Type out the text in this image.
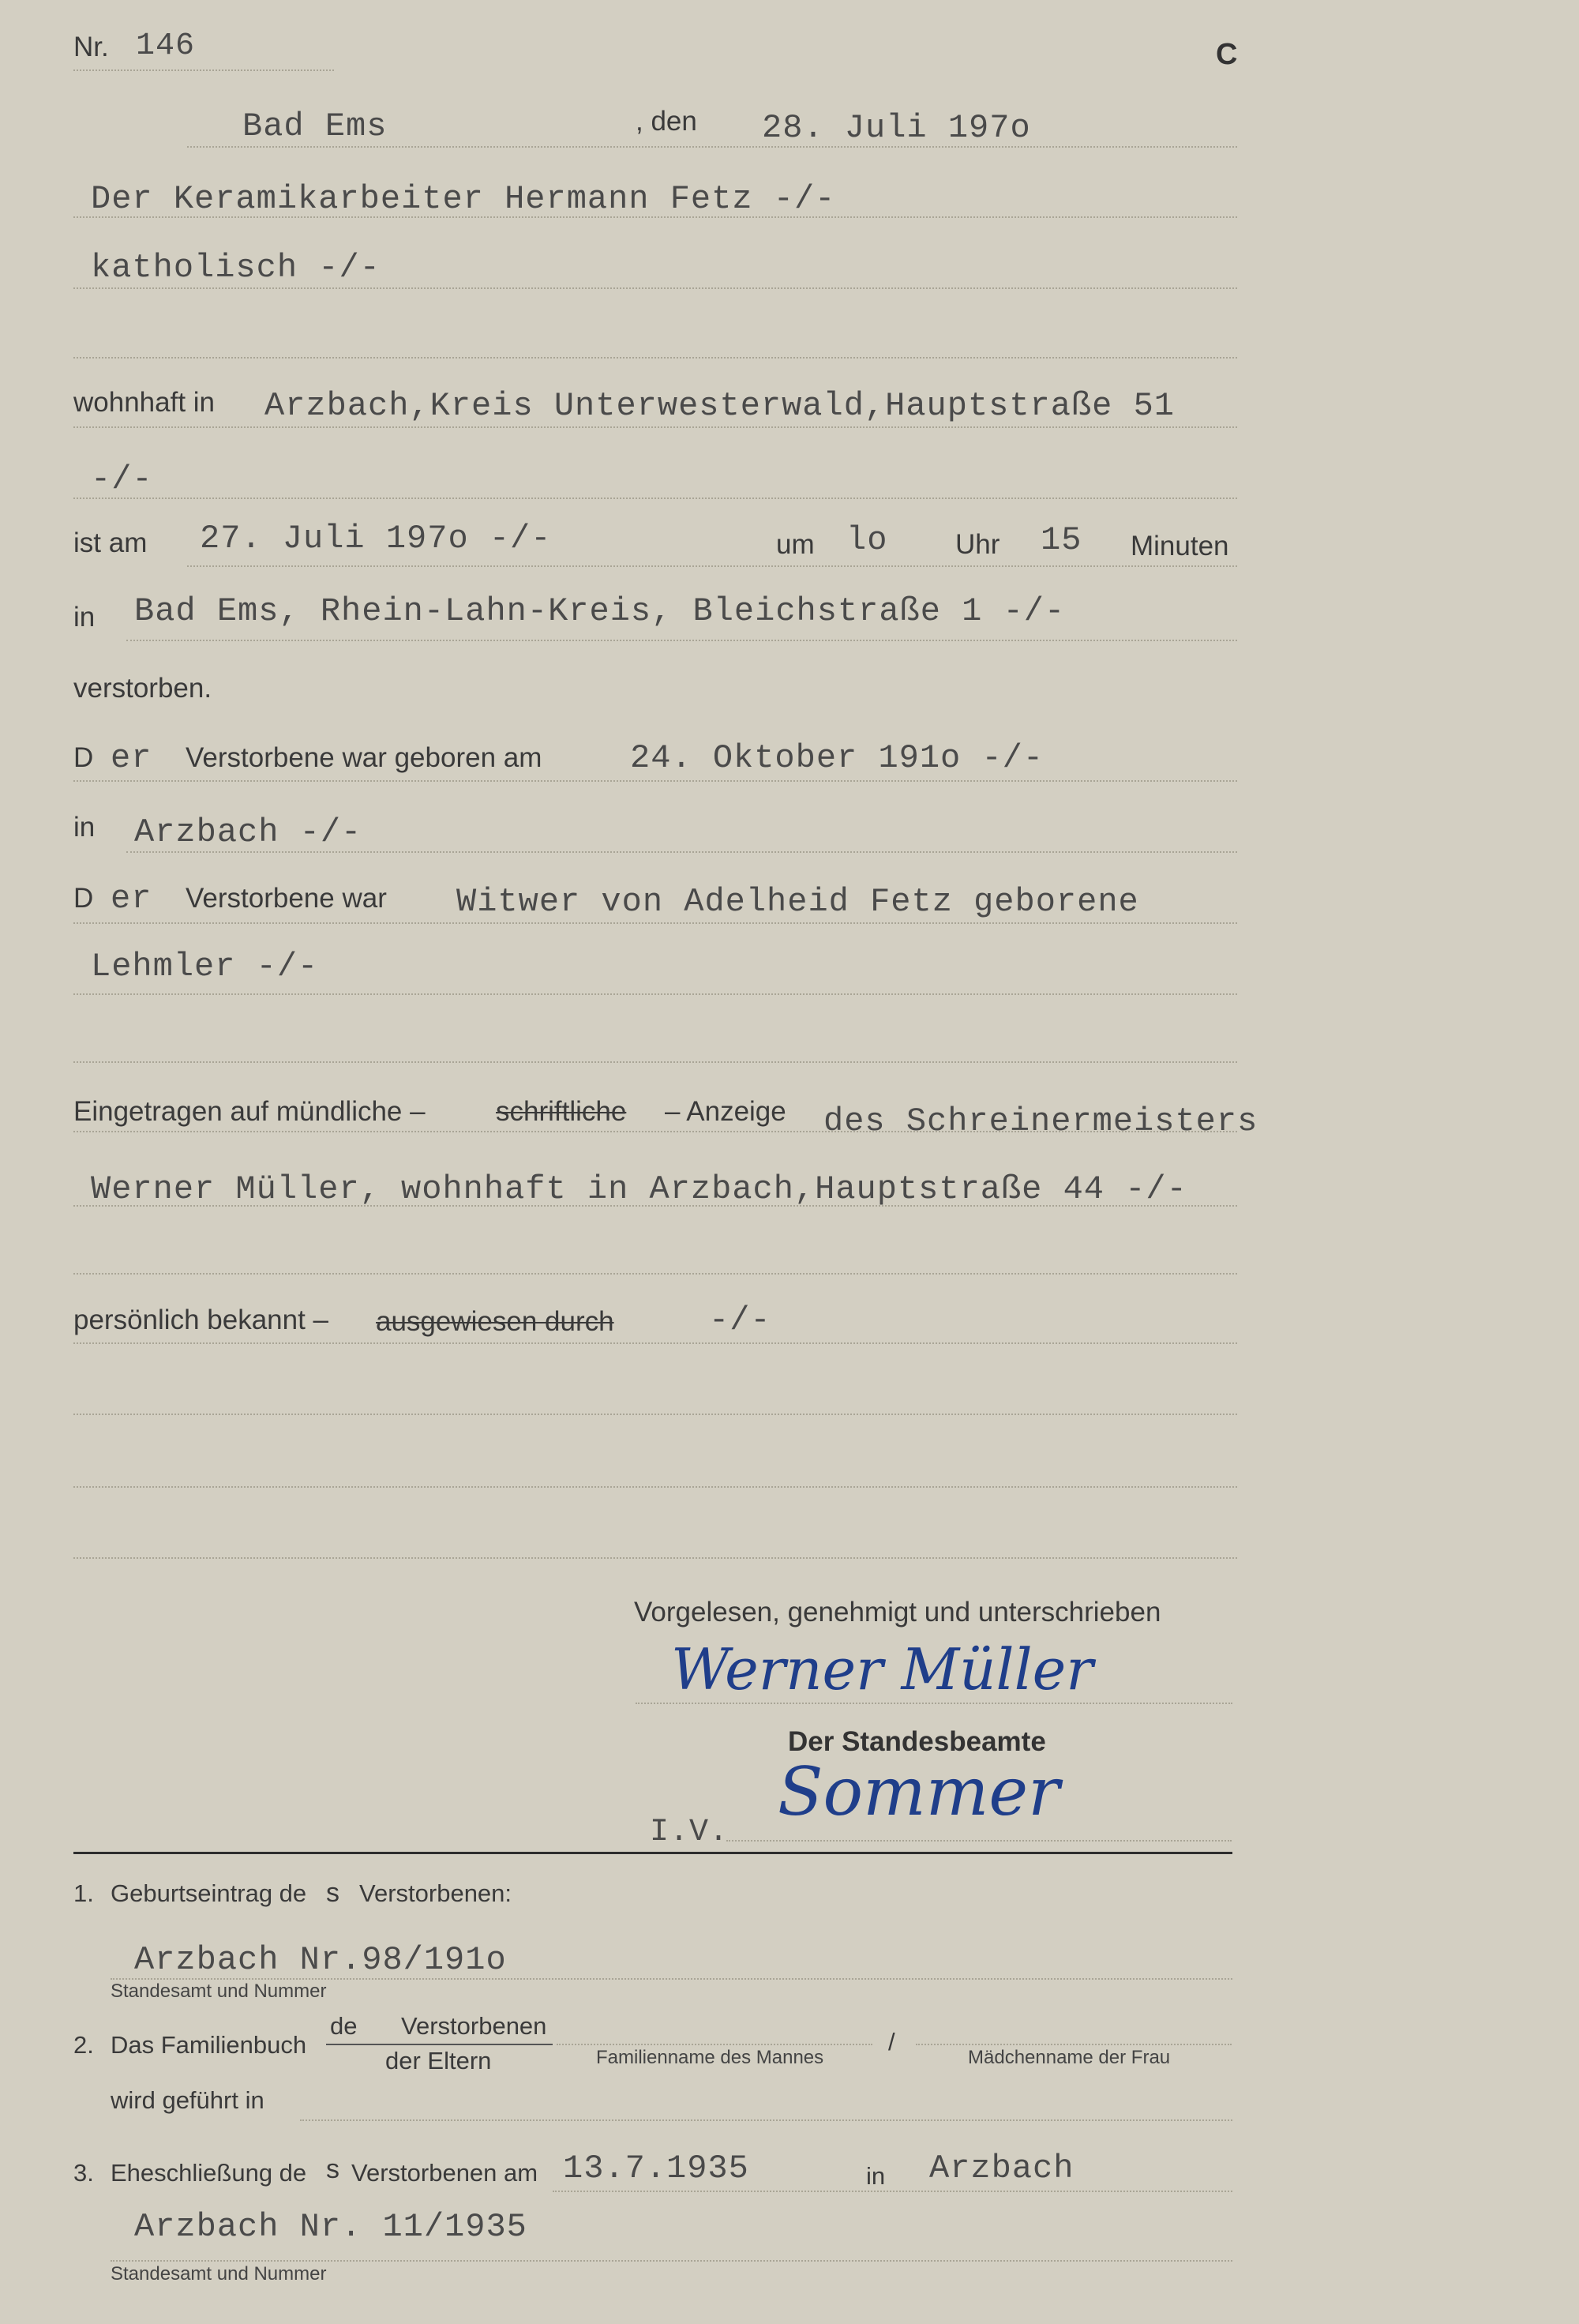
Nr. 146	C
Bad Ems	, den 28. Juli 197o
Der Keramikarbeiter Hermann Fetz -/-
katholisch -/-
wohnhaft in Arzbach,Kreis Unterwesterwald,Hauptstraße 51
-/-
ist am 27. Juli 197o -/-	um lo Uhr 15 Minuten
in Bad Ems, Rhein-Lahn-Kreis, Bleichstraße 1 -/-
verstorben.
D er Verstorbene war geboren am	24. Oktober 191o -/-
in Arzbach -/-
D er Verstorbene war Witwer von Adelheid Fetz geborene
Lehmler -/-
Eingetragen auf mündliche –	schriftliche – Anzeige des Schreinermeisters
Werner Müller, wohnhaft in Arzbach,Hauptstraße 44 -/-
persönlich bekannt – ausgewiesen durch	-/-
Vorgelesen, genehmigt und unterschrieben
Werner Müller
Der Standesbeamte
I.V.
Sommer
1. Geburtseintrag de s Verstorbenen:
Arzbach Nr.98/191o
Standesamt und Nummer
2. Das Familienbuch
de Verstorbenen
der Eltern	Familienname des Mannes
/
Mädchenname der Frau
wird geführt in
3. Eheschließung de s Verstorbenen am 13.7.1935	in Arzbach
Arzbach Nr. 11/1935
Standesamt und Nummer
